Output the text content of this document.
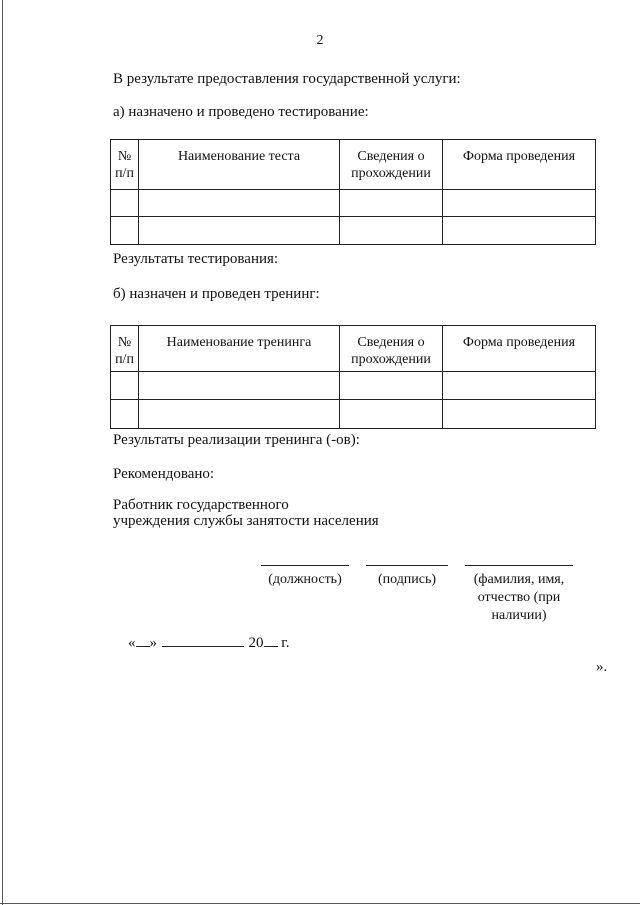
2
В результате предоставления государственной услуги:
а) назначено и проведено тестирование:
№ п/п	Наименование теста	Сведения о прохождении	Форма проведения

Результаты тестирования:
б) назначен и проведен тренинг:
№ п/п	Наименование тренинга	Сведения о прохождении	Форма проведения

Результаты реализации тренинга (-ов):
Рекомендовано:
Работник государственного
учреждения службы занятости населения
(должность)	(подпись)	(фамилия, имя,
отчество (при
наличии)
« »	20 г.
».
